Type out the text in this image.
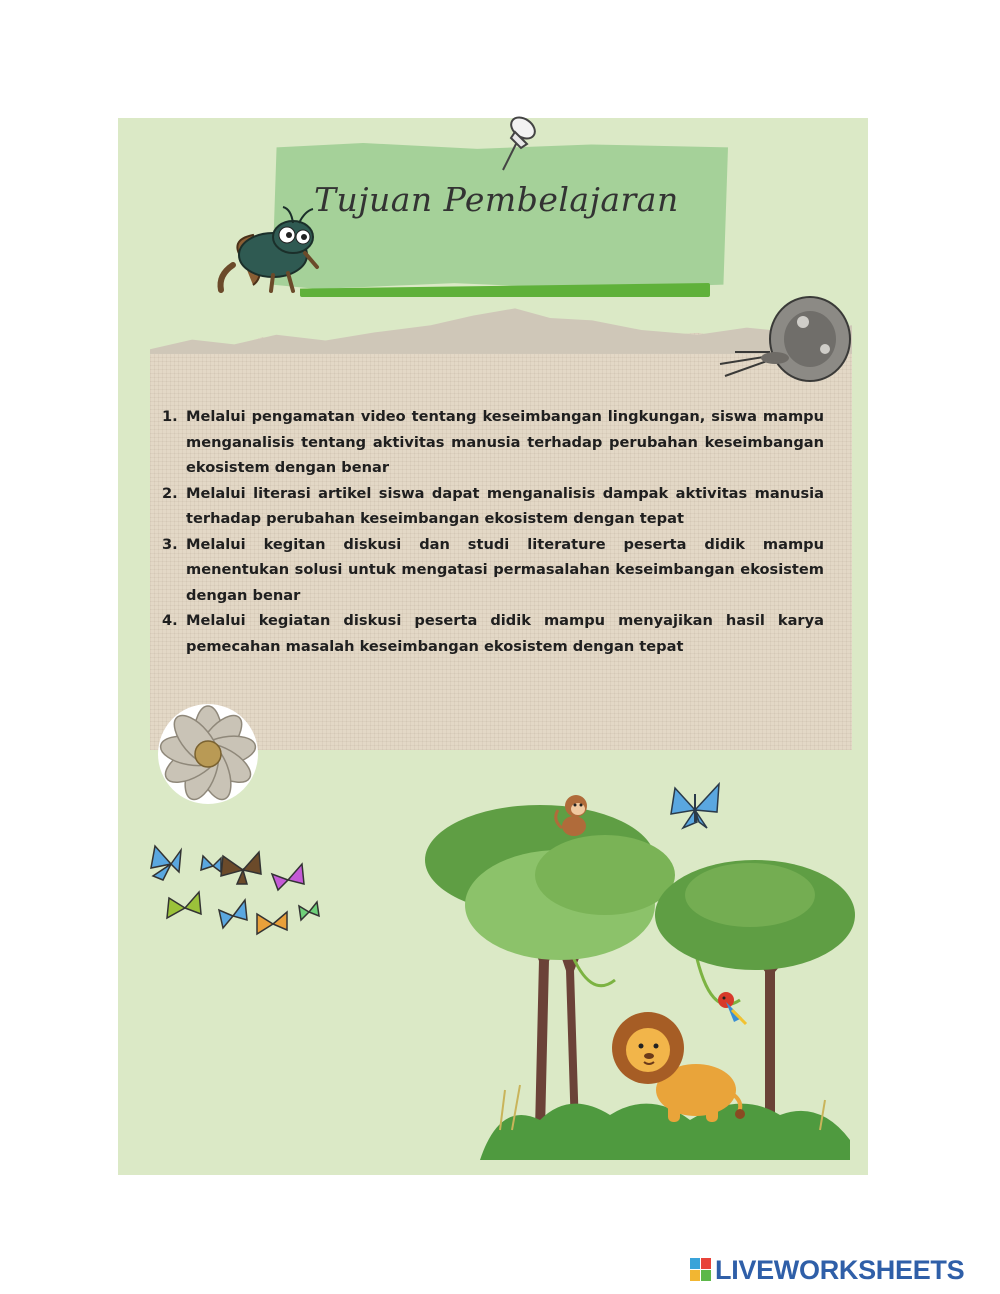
Tujuan Pembelajaran
1. Melalui pengamatan video tentang keseimbangan lingkungan, siswa mampu menganalisis tentang aktivitas manusia terhadap perubahan keseimbangan ekosistem dengan benar
2. Melalui literasi artikel siswa dapat menganalisis dampak aktivitas manusia terhadap perubahan keseimbangan ekosistem dengan tepat
3. Melalui kegitan diskusi dan studi literature peserta didik mampu menentukan solusi untuk mengatasi permasalahan keseimbangan ekosistem dengan benar
4. Melalui kegiatan diskusi peserta didik mampu menyajikan hasil karya pemecahan masalah keseimbangan ekosistem dengan tepat
LIVEWORKSHEETS
